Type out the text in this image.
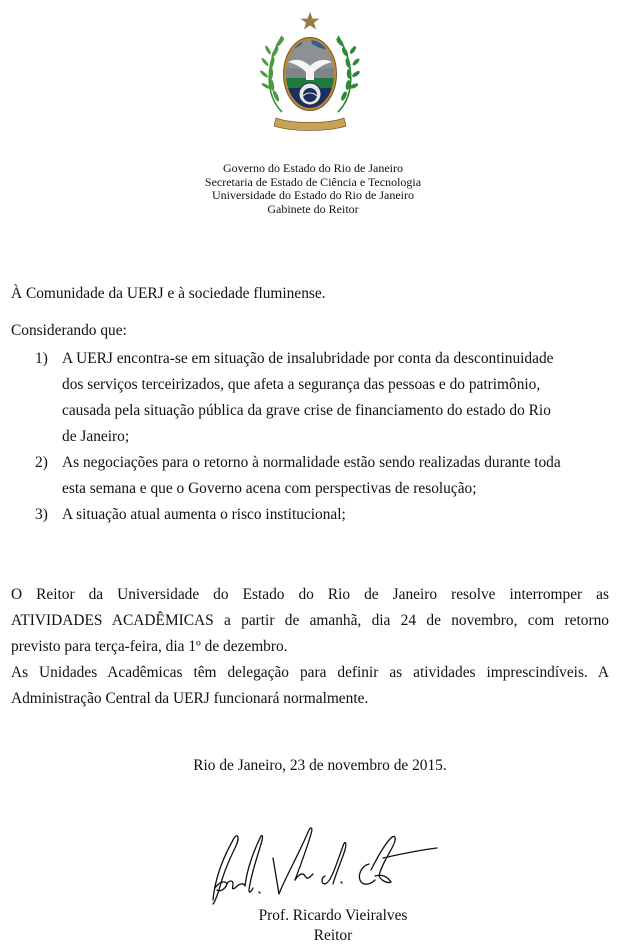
Governo do Estado do Rio de Janeiro
Secretaria de Estado de Ciência e Tecnologia
Universidade do Estado do Rio de Janeiro
Gabinete do Reitor
À Comunidade da UERJ e à sociedade fluminense.
Considerando que:
1) A UERJ encontra-se em situação de insalubridade por conta da descontinuidade
dos serviços terceirizados, que afeta a segurança das pessoas e do patrimônio,
causada pela situação pública da grave crise de financiamento do estado do Rio
de Janeiro;
2) As negociações para o retorno à normalidade estão sendo realizadas durante toda
esta semana e que o Governo acena com perspectivas de resolução;
3) A situação atual aumenta o risco institucional;
O Reitor da Universidade do Estado do Rio de Janeiro resolve interromper as
ATIVIDADES ACADÊMICAS a partir de amanhã, dia 24 de novembro, com retorno
previsto para terça-feira, dia 1º de dezembro.
As Unidades Acadêmicas têm delegação para definir as atividades imprescindíveis. A
Administração Central da UERJ funcionará normalmente.
Rio de Janeiro, 23 de novembro de 2015.
Prof. Ricardo Vieiralves
Reitor
